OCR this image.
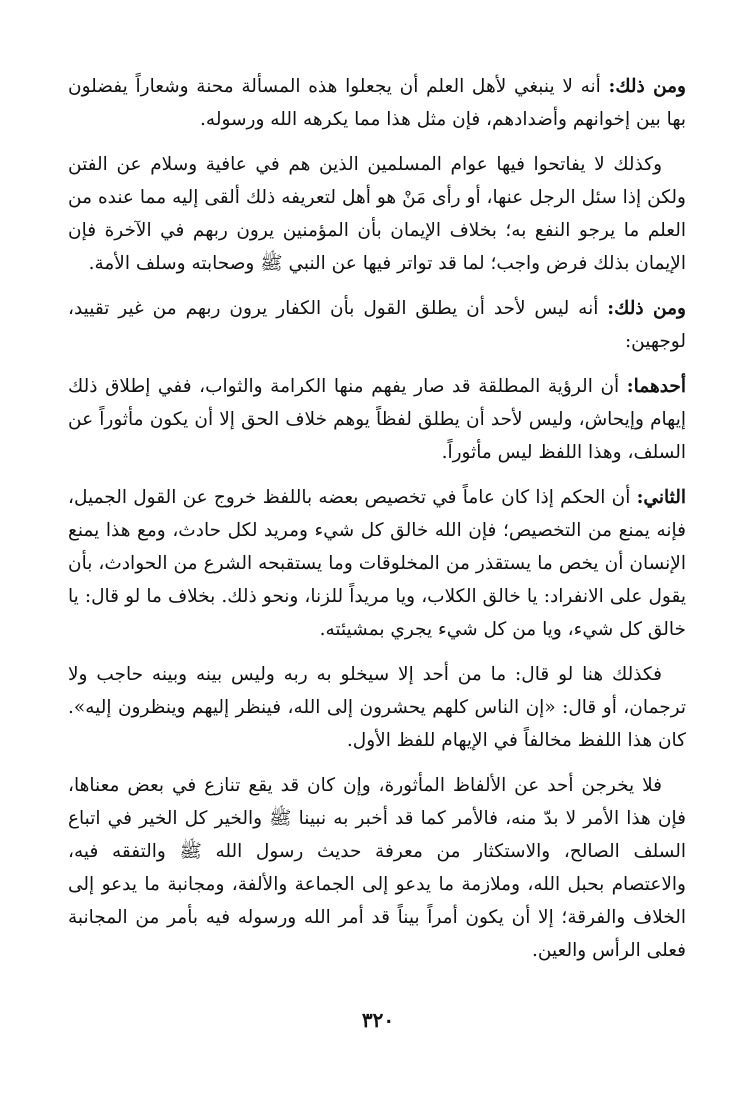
ومن ذلك: أنه لا ينبغي لأهل العلم أن يجعلوا هذه المسألة محنة وشعاراً يفضلون بها بين إخوانهم وأضدادهم، فإن مثل هذا مما يكرهه الله ورسوله.

وكذلك لا يفاتحوا فيها عوام المسلمين الذين هم في عافية وسلام عن الفتن ولكن إذا سئل الرجل عنها، أو رأى مَنْ هو أهل لتعريفه ذلك ألقى إليه مما عنده من العلم ما يرجو النفع به؛ بخلاف الإيمان بأن المؤمنين يرون ربهم في الآخرة فإن الإيمان بذلك فرض واجب؛ لما قد تواتر فيها عن النبي ﷺ وصحابته وسلف الأمة.

ومن ذلك: أنه ليس لأحد أن يطلق القول بأن الكفار يرون ربهم من غير تقييد، لوجهين:

أحدهما: أن الرؤية المطلقة قد صار يفهم منها الكرامة والثواب، ففي إطلاق ذلك إيهام وإيحاش، وليس لأحد أن يطلق لفظاً يوهم خلاف الحق إلا أن يكون مأثوراً عن السلف، وهذا اللفظ ليس مأثوراً.

الثاني: أن الحكم إذا كان عاماً في تخصيص بعضه باللفظ خروج عن القول الجميل، فإنه يمنع من التخصيص؛ فإن الله خالق كل شيء ومريد لكل حادث، ومع هذا يمنع الإنسان أن يخص ما يستقذر من المخلوقات وما يستقبحه الشرع من الحوادث، بأن يقول على الانفراد: يا خالق الكلاب، ويا مريداً للزنا، ونحو ذلك. بخلاف ما لو قال: يا خالق كل شيء، ويا من كل شيء يجري بمشيئته.

فكذلك هنا لو قال: ما من أحد إلا سيخلو به ربه وليس بينه وبينه حاجب ولا ترجمان، أو قال: «إن الناس كلهم يحشرون إلى الله، فينظر إليهم وينظرون إليه». كان هذا اللفظ مخالفاً في الإيهام للفظ الأول.

فلا يخرجن أحد عن الألفاظ المأثورة، وإن كان قد يقع تنازع في بعض معناها، فإن هذا الأمر لا بدّ منه، فالأمر كما قد أخبر به نبينا ﷺ والخير كل الخير في اتباع السلف الصالح، والاستكثار من معرفة حديث رسول الله ﷺ والتفقه فيه، والاعتصام بحبل الله، وملازمة ما يدعو إلى الجماعة والألفة، ومجانبة ما يدعو إلى الخلاف والفرقة؛ إلا أن يكون أمراً بيناً قد أمر الله ورسوله فيه بأمر من المجانبة فعلى الرأس والعين.

٣٢٠
